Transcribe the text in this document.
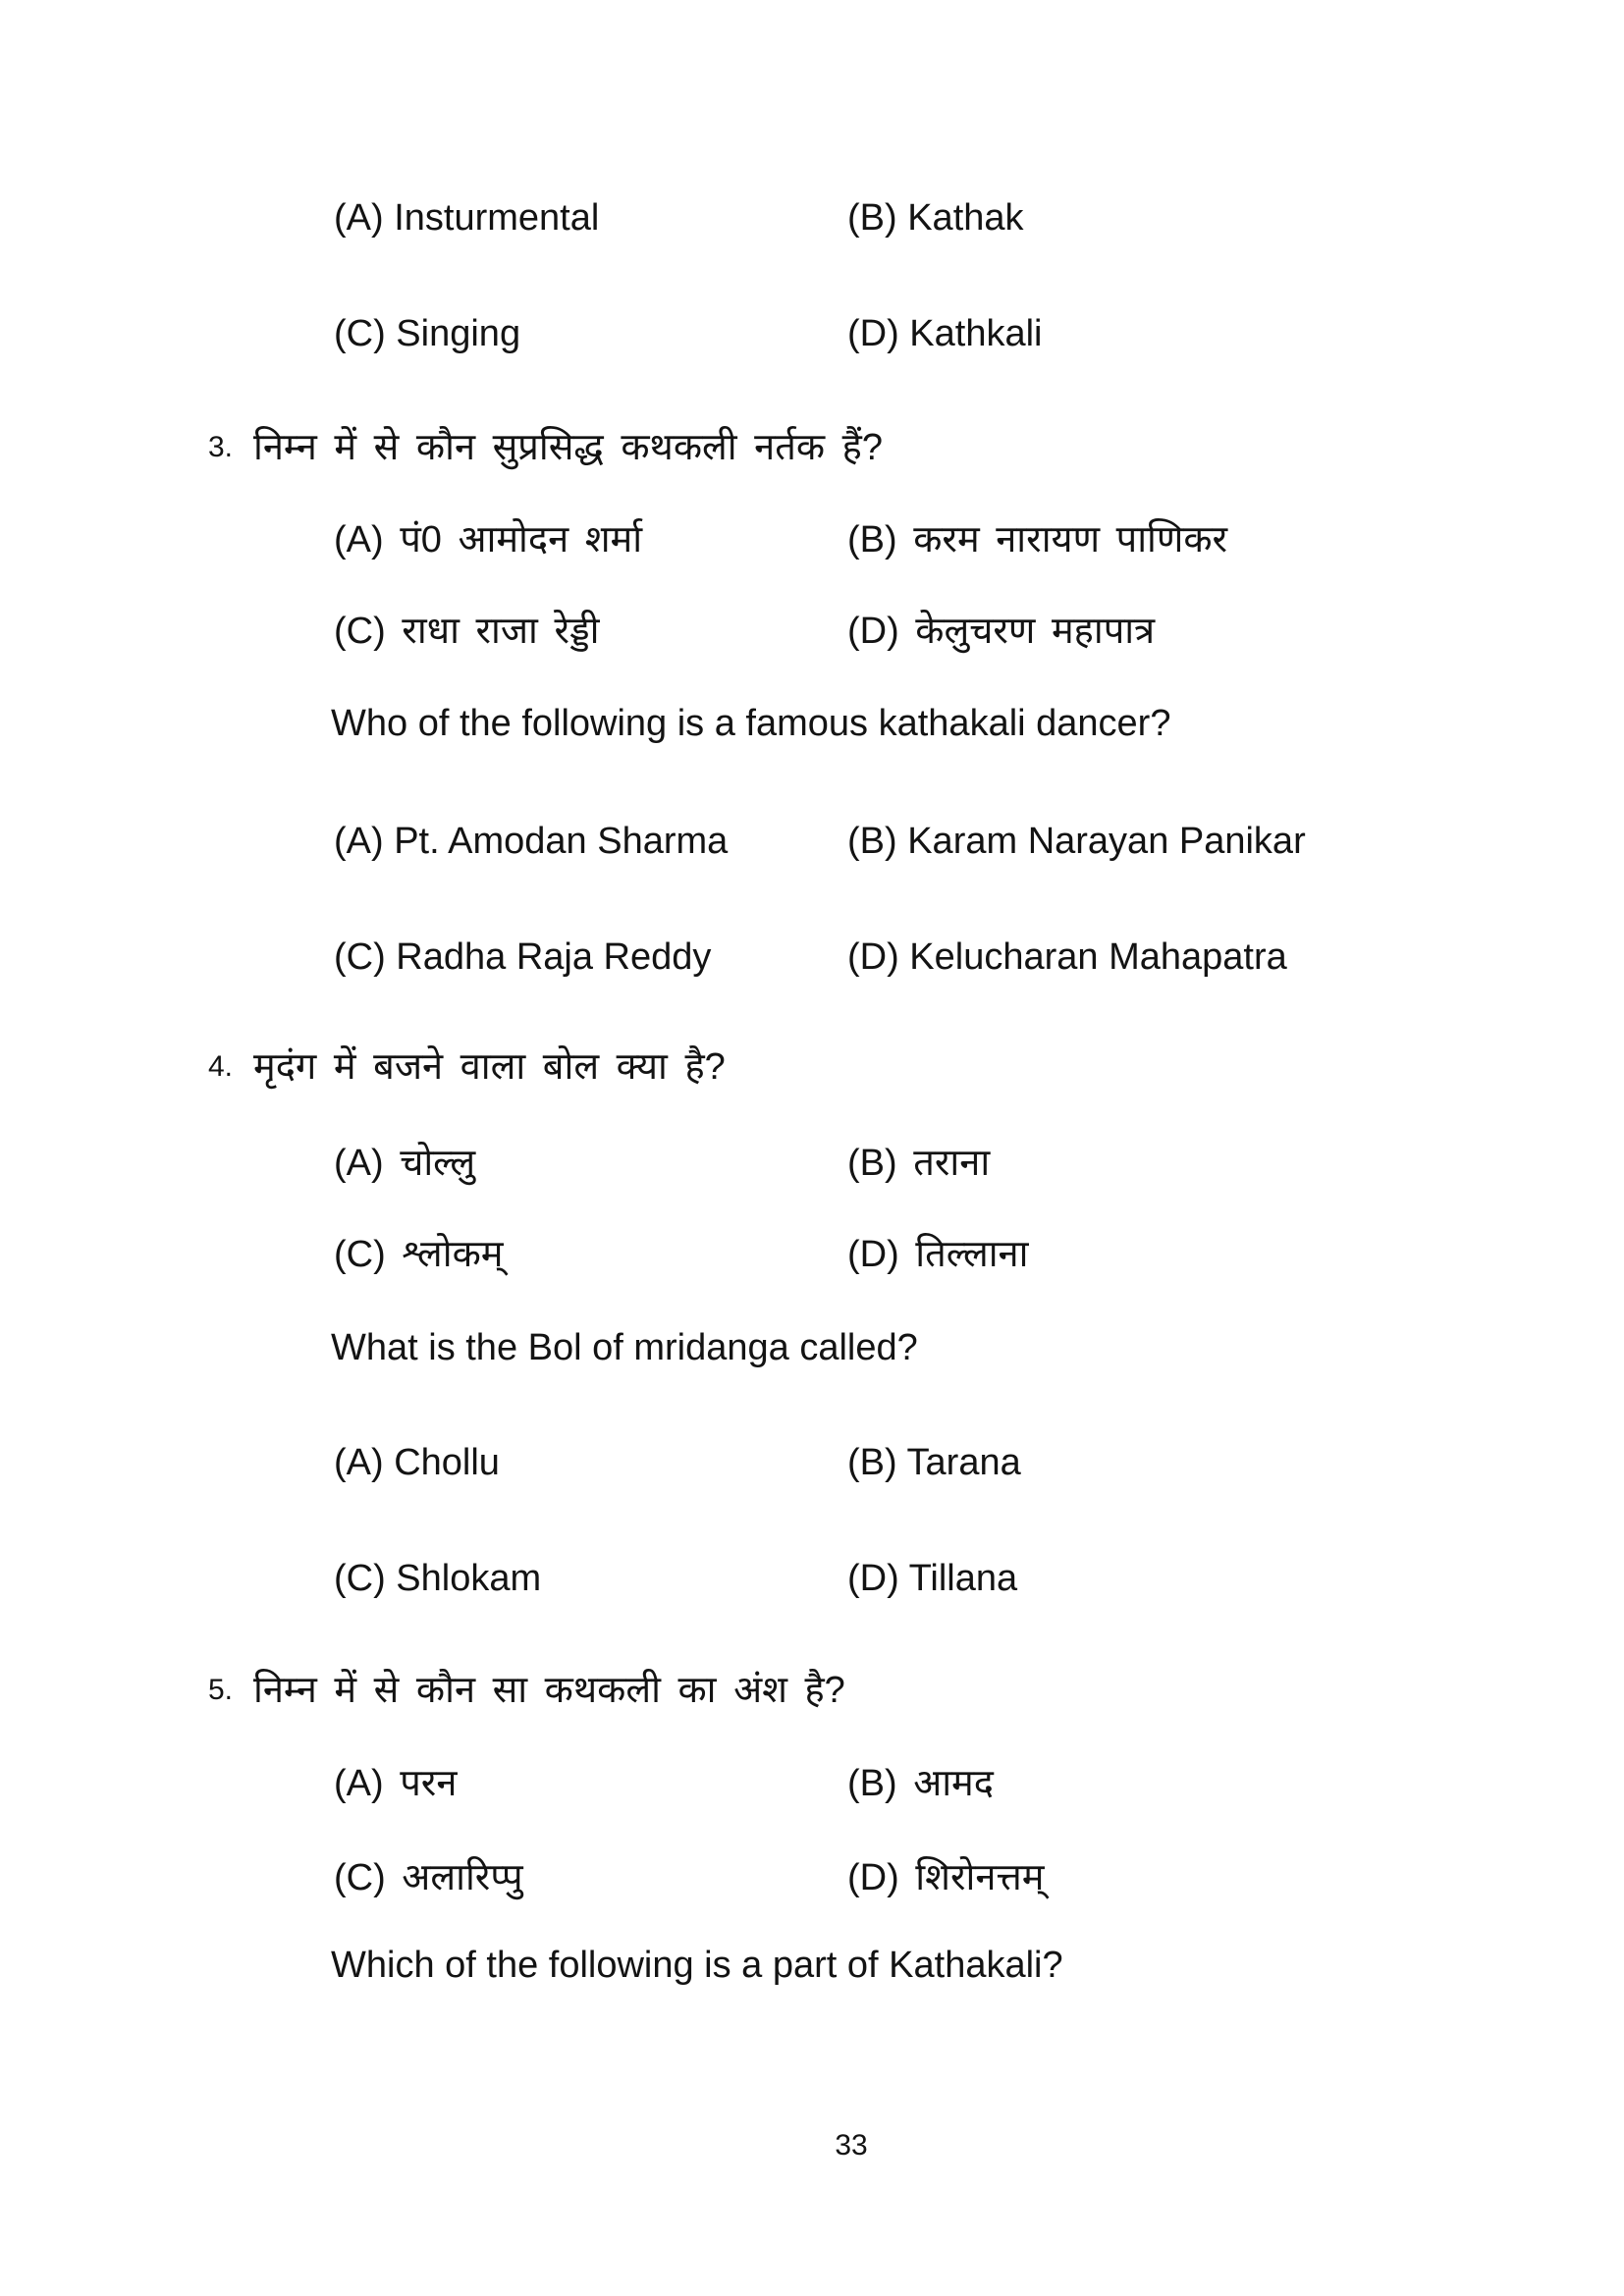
(A) Insturmental	(B) Kathak
(C) Singing	(D) Kathkali
3. निम्न में से कौन सुप्रसिद्ध कथकली नर्तक हैं?
(A) पं0 आमोदन शर्मा	(B) करम नारायण पाणिकर
(C) राधा राजा रेड्डी	(D) केलुचरण महापात्र
Who of the following is a famous kathakali dancer?
(A) Pt. Amodan Sharma	(B) Karam Narayan Panikar
(C) Radha Raja Reddy	(D) Kelucharan Mahapatra
4. मृदंग में बजने वाला बोल क्या है?
(A) चोल्लु	(B) तराना
(C) श्लोकम्	(D) तिल्लाना
What is the Bol of mridanga called?
(A) Chollu	(B) Tarana
(C) Shlokam	(D) Tillana
5. निम्न में से कौन सा कथकली का अंश है?
(A) परन	(B) आमद
(C) अलारिप्पु	(D) शिरोनत्तम्
Which of the following is a part of Kathakali?
33
